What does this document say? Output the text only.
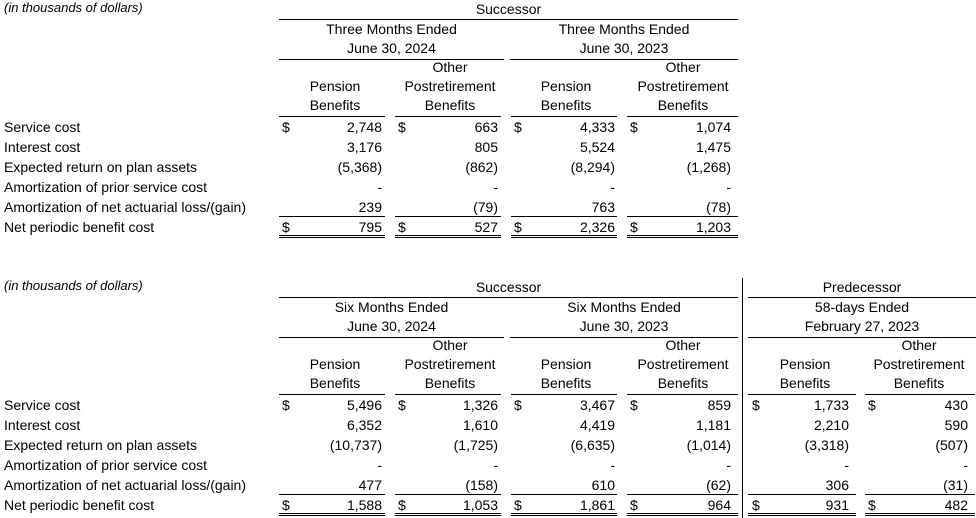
(in thousands of dollars)	Successor
Three Months Ended
June 30, 2024
Three Months Ended
June 30, 2023
Other	Other
Pension	Postretirement	Pension	Postretirement
Benefits	Benefits	Benefits	Benefits
Service cost	$	2,748 $	663 $	4,333 $	1,074
Interest cost	3,176	805	5,524	1,475
Expected return on plan assets	(5,368)	(862)	(8,294)	(1,268)
Amortization of prior service cost	-	-	-	-
Amortization of net actuarial loss/(gain)	239	(79)	763	(78)
Net periodic benefit cost	$	795 $	527 $	2,326 $	1,203
(in thousands of dollars)	Successor	Predecessor
Six Months Ended
June 30, 2024
Six Months Ended
June 30, 2023
58-days Ended
February 27, 2023
Other	Other	Other
Pension	Postretirement	Pension	Postretirement	Pension	Postretirement
Benefits	Benefits	Benefits	Benefits	Benefits	Benefits
Service cost	$	5,496 $	1,326 $	3,467 $	859 $	1,733 $	430
Interest cost	6,352	1,610	4,419	1,181	2,210	590
Expected return on plan assets	(10,737)	(1,725)	(6,635)	(1,014)	(3,318)	(507)
Amortization of prior service cost	-	-	-	-	-	-
Amortization of net actuarial loss/(gain)	477	(158)	610	(62)	306	(31)
Net periodic benefit cost	$	1,588 $	1,053 $	1,861 $	964 $	931 $	482
